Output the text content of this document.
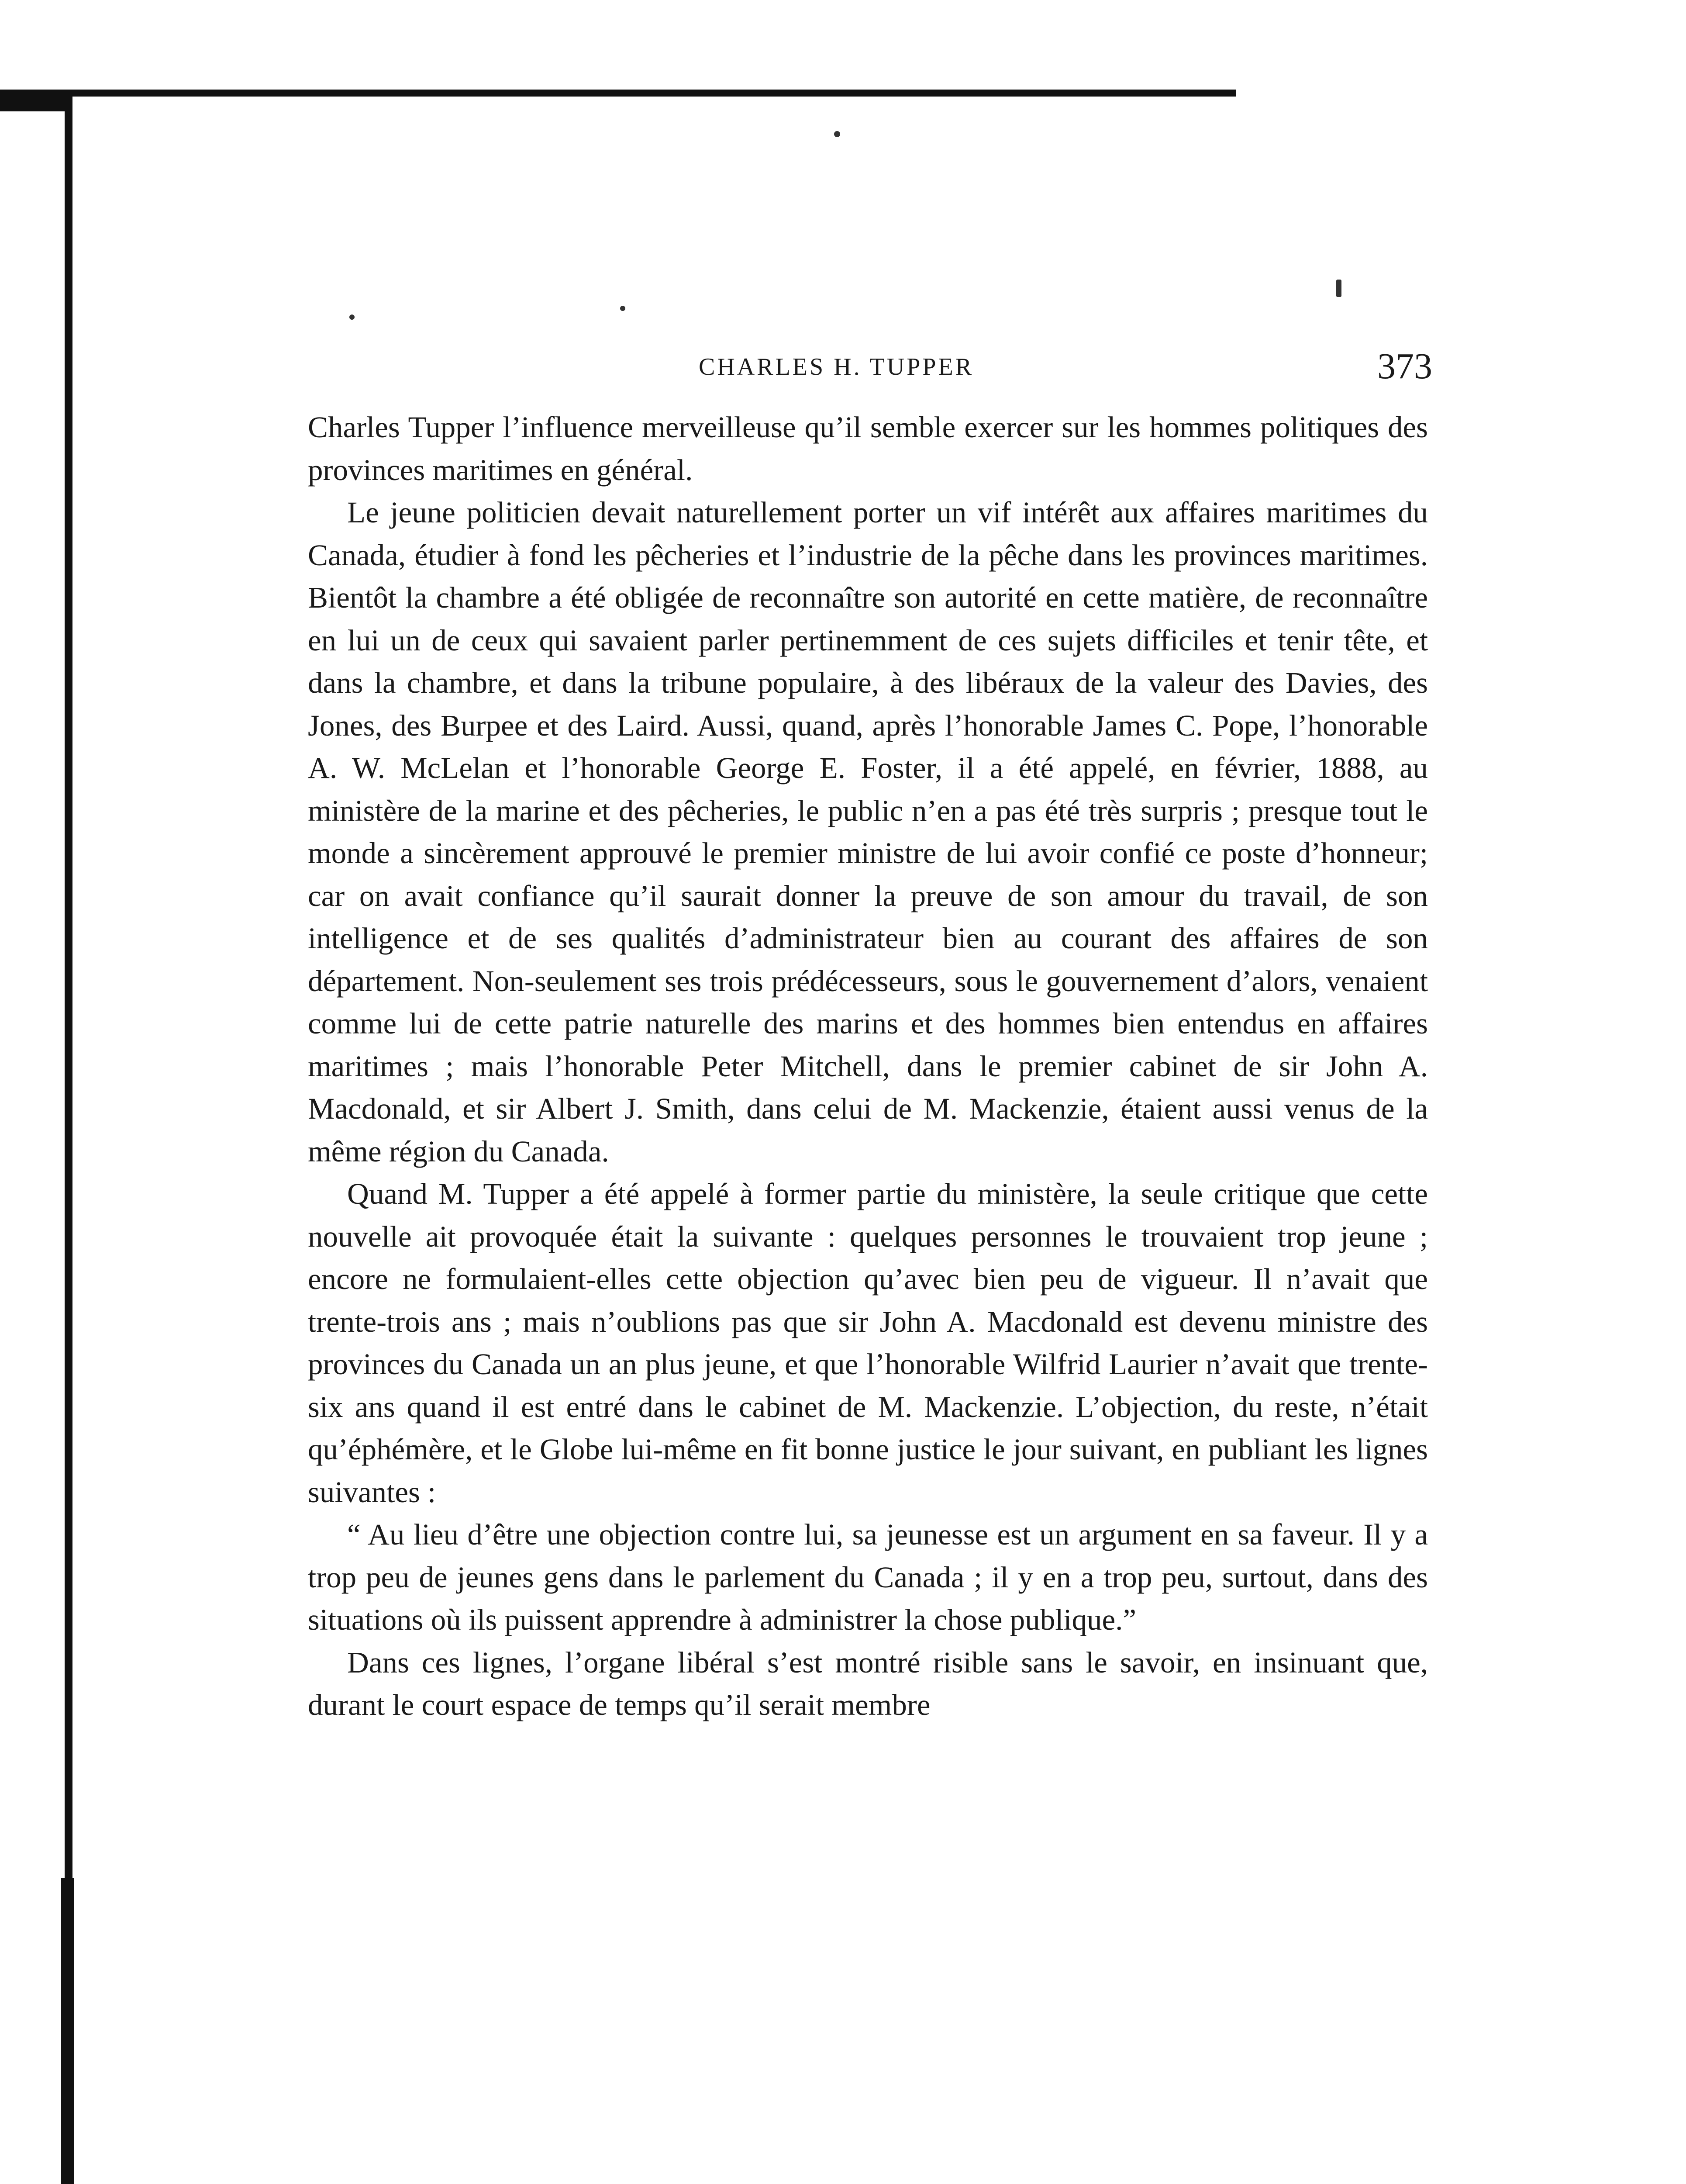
CHARLES H. TUPPER	373

Charles Tupper l’influence merveilleuse qu’il semble exercer sur les hommes politiques des provinces maritimes en général.

Le jeune politicien devait naturellement porter un vif intérêt aux affaires maritimes du Canada, étudier à fond les pêcheries et l’industrie de la pêche dans les provinces maritimes. Bientôt la chambre a été obligée de reconnaître son autorité en cette matière, de reconnaître en lui un de ceux qui savaient parler pertinemment de ces sujets difficiles et tenir tête, et dans la chambre, et dans la tribune populaire, à des libéraux de la valeur des Davies, des Jones, des Burpee et des Laird. Aussi, quand, après l’honorable James C. Pope, l’honorable A. W. McLelan et l’honorable George E. Foster, il a été appelé, en février, 1888, au ministère de la marine et des pêcheries, le public n’en a pas été très surpris ; presque tout le monde a sincèrement approuvé le premier ministre de lui avoir confié ce poste d’honneur; car on avait confiance qu’il saurait donner la preuve de son amour du travail, de son intelligence et de ses qualités d’administrateur bien au courant des affaires de son département. Non-seulement ses trois prédécesseurs, sous le gouvernement d’alors, venaient comme lui de cette patrie naturelle des marins et des hommes bien entendus en affaires maritimes ; mais l’honorable Peter Mitchell, dans le premier cabinet de sir John A. Macdonald, et sir Albert J. Smith, dans celui de M. Mackenzie, étaient aussi venus de la même région du Canada.

Quand M. Tupper a été appelé à former partie du ministère, la seule critique que cette nouvelle ait provoquée était la suivante : quelques personnes le trouvaient trop jeune ; encore ne formulaient-elles cette objection qu’avec bien peu de vigueur. Il n’avait que trente-trois ans ; mais n’oublions pas que sir John A. Macdonald est devenu ministre des provinces du Canada un an plus jeune, et que l’honorable Wilfrid Laurier n’avait que trente-six ans quand il est entré dans le cabinet de M. Mackenzie. L’objection, du reste, n’était qu’éphémère, et le Globe lui-même en fit bonne justice le jour suivant, en publiant les lignes suivantes :

“ Au lieu d’être une objection contre lui, sa jeunesse est un argument en sa faveur. Il y a trop peu de jeunes gens dans le parlement du Canada ; il y en a trop peu, surtout, dans des situations où ils puissent apprendre à administrer la chose publique.”

Dans ces lignes, l’organe libéral s’est montré risible sans le savoir, en insinuant que, durant le court espace de temps qu’il serait membre
